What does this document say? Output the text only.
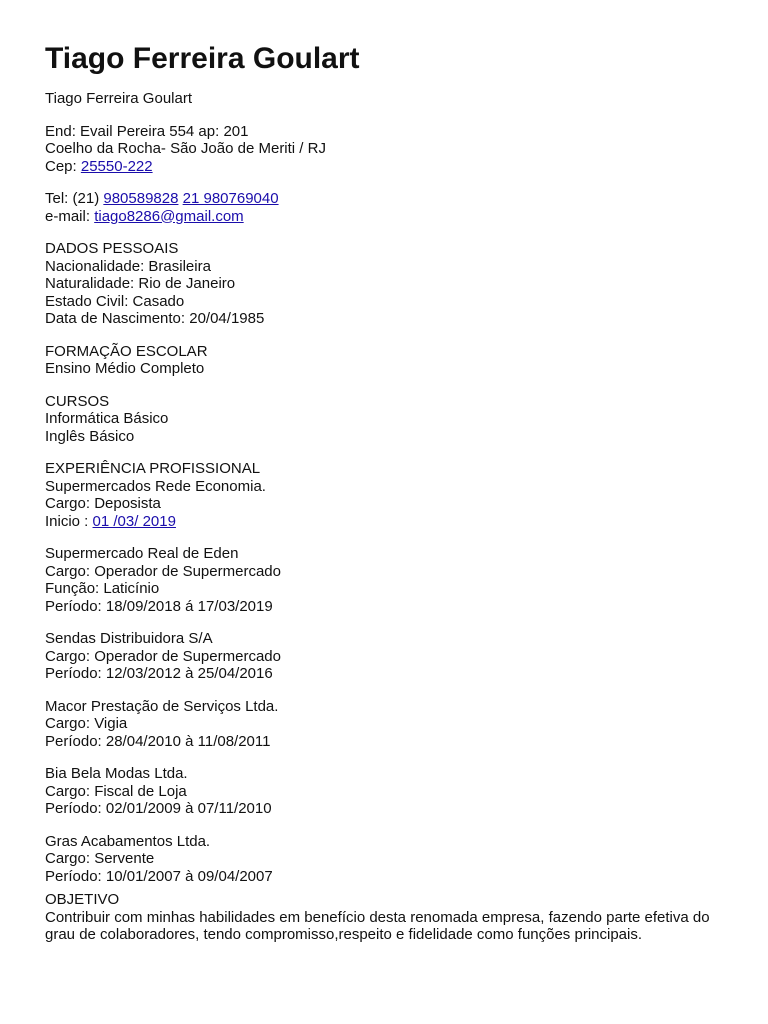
Tiago Ferreira Goulart

Tiago Ferreira Goulart

End: Evail Pereira 554 ap: 201

Coelho da Rocha- São João de Meriti / RJ

Cep: 25550-222

Tel: (21) 980589828 21 980769040

e-mail: tiago8286@gmail.com

DADOS PESSOAIS

Nacionalidade: Brasileira

Naturalidade: Rio de Janeiro

Estado Civil: Casado

Data de Nascimento: 20/04/1985

FORMAÇÃO ESCOLAR

Ensino Médio Completo

CURSOS

Informática Básico

Inglês Básico

EXPERIÊNCIA PROFISSIONAL

Supermercados Rede Economia.

Cargo: Deposista

Inicio : 01 /03/ 2019

Supermercado Real de Eden

Cargo: Operador de Supermercado

Função: Laticínio

Período: 18/09/2018 á 17/03/2019

Sendas Distribuidora S/A

Cargo: Operador de Supermercado

Período: 12/03/2012 à 25/04/2016

Macor Prestação de Serviços Ltda.

Cargo: Vigia

Período: 28/04/2010 à 11/08/2011

Bia Bela Modas Ltda.

Cargo: Fiscal de Loja

Período: 02/01/2009 à 07/11/2010

Gras Acabamentos Ltda.

Cargo: Servente

Período: 10/01/2007 à 09/04/2007

OBJETIVO

Contribuir com minhas habilidades em benefício desta renomada empresa, fazendo parte efetiva do grau de colaboradores, tendo compromisso,respeito e fidelidade como funções principais.
